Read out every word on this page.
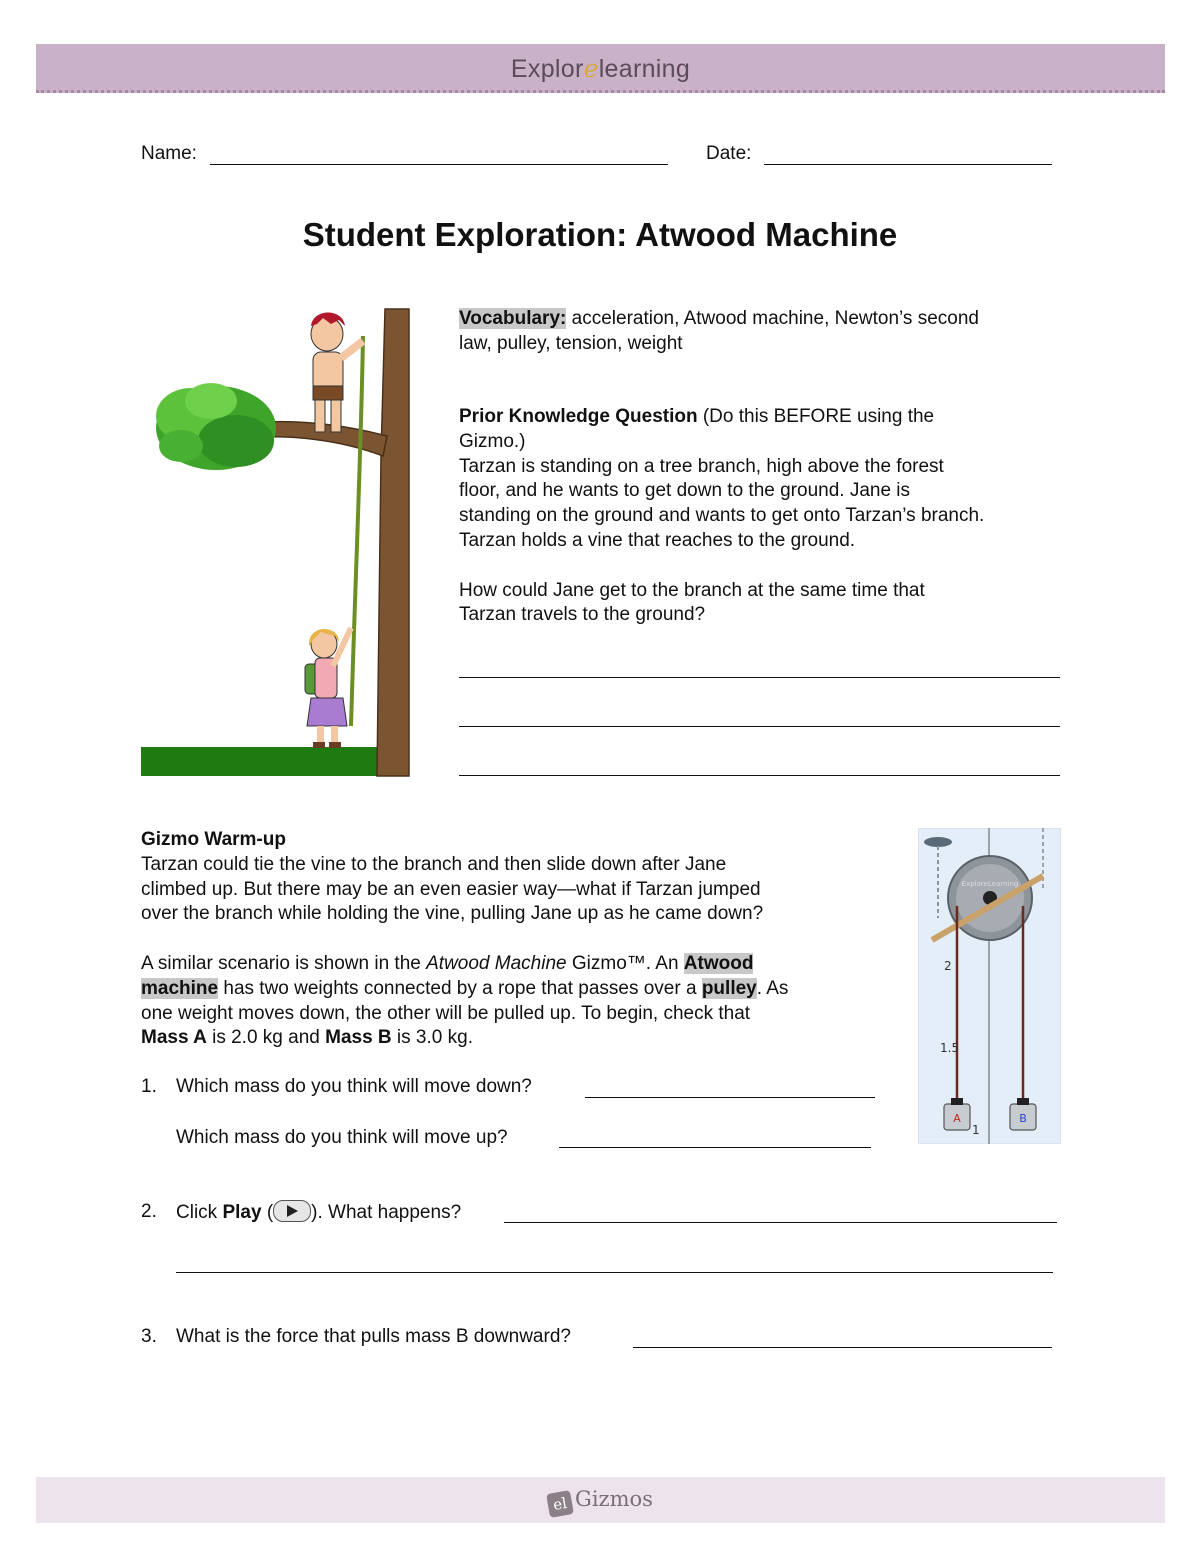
Explorelearning
Name:	Date:
Student Exploration: Atwood Machine
Vocabulary: acceleration, Atwood machine, Newton’s second
law, pulley, tension, weight
Prior Knowledge Question (Do this BEFORE using the
Gizmo.)
Tarzan is standing on a tree branch, high above the forest
floor, and he wants to get down to the ground. Jane is
standing on the ground and wants to get onto Tarzan’s branch.
Tarzan holds a vine that reaches to the ground.
How could Jane get to the branch at the same time that
Tarzan travels to the ground?
Gizmo Warm-up
Tarzan could tie the vine to the branch and then slide down after Jane
climbed up. But there may be an even easier way—what if Tarzan jumped
over the branch while holding the vine, pulling Jane up as he came down?
A similar scenario is shown in the Atwood Machine Gizmo™. An Atwood
machine has two weights connected by a rope that passes over a pulley. As
one weight moves down, the other will be pulled up. To begin, check that
Mass A is 2.0 kg and Mass B is 3.0 kg.
ExploreLearning
2
1.5
1
A	B
1. Which mass do you think will move down?
Which mass do you think will move up?
2. Click Play ( ). What happens?
3. What is the force that pulls mass B downward?
el Gizmos
